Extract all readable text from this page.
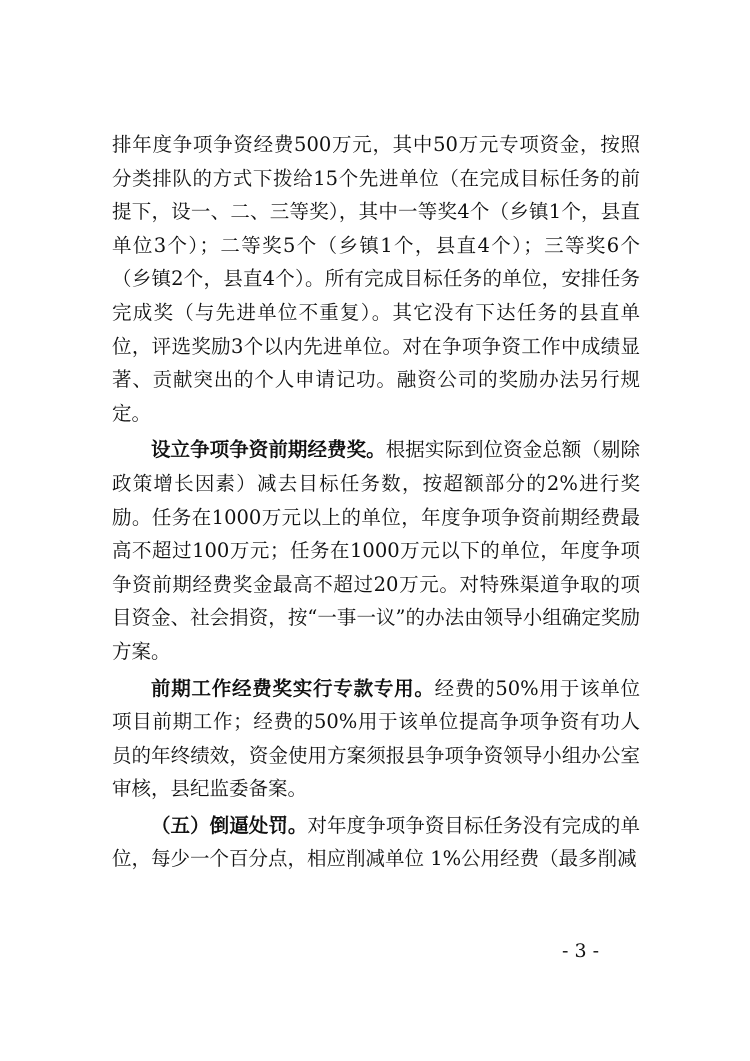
排年度争项争资经费500万元，其中50万元专项资金，按照分类排队的方式下拨给15个先进单位（在完成目标任务的前提下，设一、二、三等奖），其中一等奖4个（乡镇1个，县直单位3个）；二等奖5个（乡镇1个，县直4个）；三等奖6个（乡镇2个，县直4个）。所有完成目标任务的单位，安排任务完成奖（与先进单位不重复）。其它没有下达任务的县直单位，评选奖励3个以内先进单位。对在争项争资工作中成绩显著、贡献突出的个人申请记功。融资公司的奖励办法另行规定。

设立争项争资前期经费奖。根据实际到位资金总额（剔除政策增长因素）减去目标任务数，按超额部分的2%进行奖励。任务在1000万元以上的单位，年度争项争资前期经费最高不超过100万元；任务在1000万元以下的单位，年度争项争资前期经费奖金最高不超过20万元。对特殊渠道争取的项目资金、社会捐资，按“一事一议”的办法由领导小组确定奖励方案。

前期工作经费奖实行专款专用。经费的50%用于该单位项目前期工作；经费的50%用于该单位提高争项争资有功人员的年终绩效，资金使用方案须报县争项争资领导小组办公室审核，县纪监委备案。

（五）倒逼处罚。对年度争项争资目标任务没有完成的单位，每少一个百分点，相应削减单位 1%公用经费（最多削减

- 3 -
